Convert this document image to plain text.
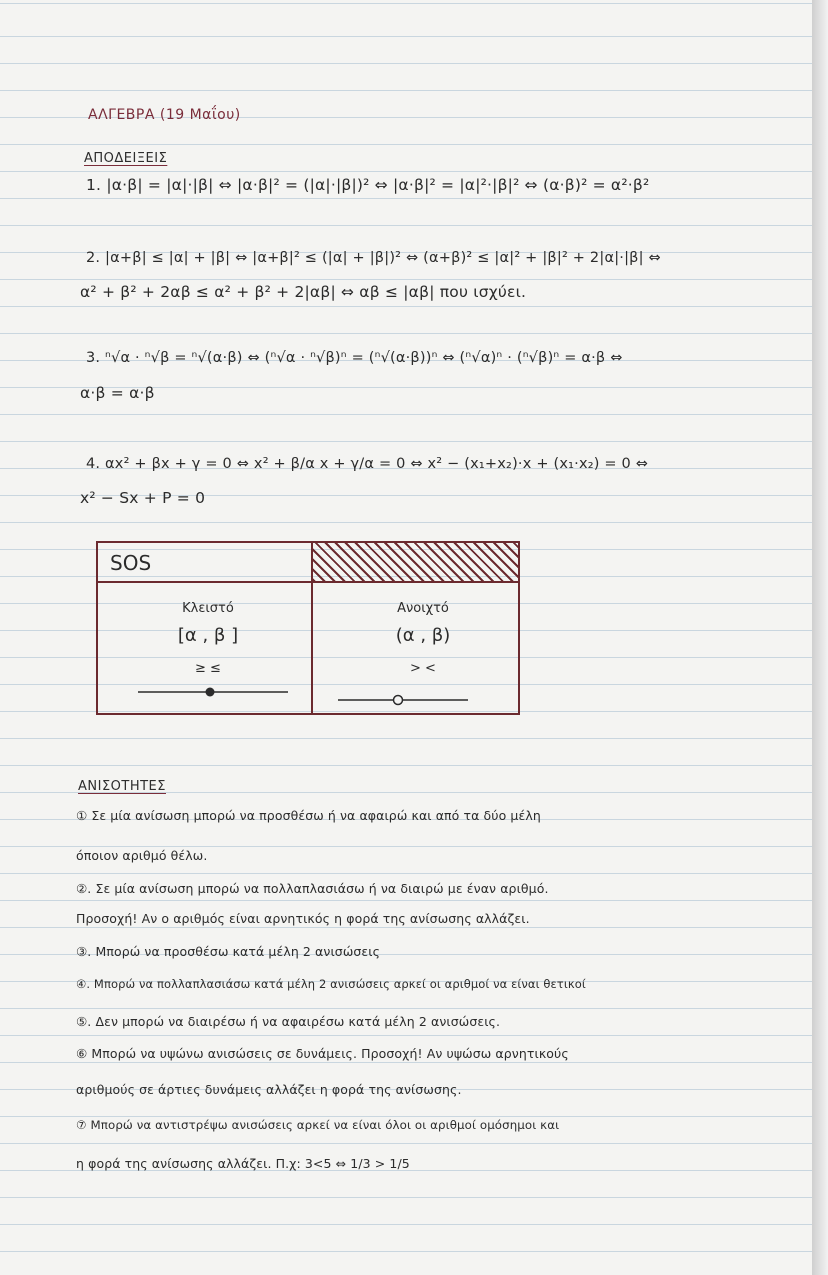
ΑΛΓΕΒΡΑ (19 Μαΐου)
ΑΠΟΔΕΙΞΕΙΣ
1. |α·β| = |α|·|β| ⇔ |α·β|² = (|α|·|β|)² ⇔ |α·β|² = |α|²·|β|² ⇔ (α·β)² = α²·β²
2. |α+β| ≤ |α| + |β| ⇔ |α+β|² ≤ (|α| + |β|)² ⇔ (α+β)² ≤ |α|² + |β|² + 2|α|·|β| ⇔
α² + β² + 2αβ ≤ α² + β² + 2|αβ| ⇔ αβ ≤ |αβ| που ισχύει.
3. ⁿ√α · ⁿ√β = ⁿ√(α·β) ⇔ (ⁿ√α · ⁿ√β)ⁿ = (ⁿ√(α·β))ⁿ ⇔ (ⁿ√α)ⁿ · (ⁿ√β)ⁿ = α·β ⇔
α·β = α·β
4. αx² + βx + γ = 0 ⇔ x² + β/α x + γ/α = 0 ⇔ x² − (x₁+x₂)·x + (x₁·x₂) = 0 ⇔
x² − Sx + P = 0
SOS
Κλειστό
[α , β ]
≥ ≤
Ανοιχτό
(α , β)
> <
ΑΝΙΣΟΤΗΤΕΣ
① Σε μία ανίσωση μπορώ να προσθέσω ή να αφαιρώ και από τα δύο μέλη
όποιον αριθμό θέλω.
②. Σε μία ανίσωση μπορώ να πολλαπλασιάσω ή να διαιρώ με έναν αριθμό.
Προσοχή! Αν ο αριθμός είναι αρνητικός η φορά της ανίσωσης αλλάζει.
③. Μπορώ να προσθέσω κατά μέλη 2 ανισώσεις
④. Μπορώ να πολλαπλασιάσω κατά μέλη 2 ανισώσεις αρκεί οι αριθμοί να είναι θετικοί
⑤. Δεν μπορώ να διαιρέσω ή να αφαιρέσω κατά μέλη 2 ανισώσεις.
⑥ Μπορώ να υψώνω ανισώσεις σε δυνάμεις. Προσοχή! Αν υψώσω αρνητικούς
αριθμούς σε άρτιες δυνάμεις αλλάζει η φορά της ανίσωσης.
⑦ Μπορώ να αντιστρέψω ανισώσεις αρκεί να είναι όλοι οι αριθμοί ομόσημοι και
η φορά της ανίσωσης αλλάζει. Π.χ: 3<5 ⇔ 1/3 > 1/5
